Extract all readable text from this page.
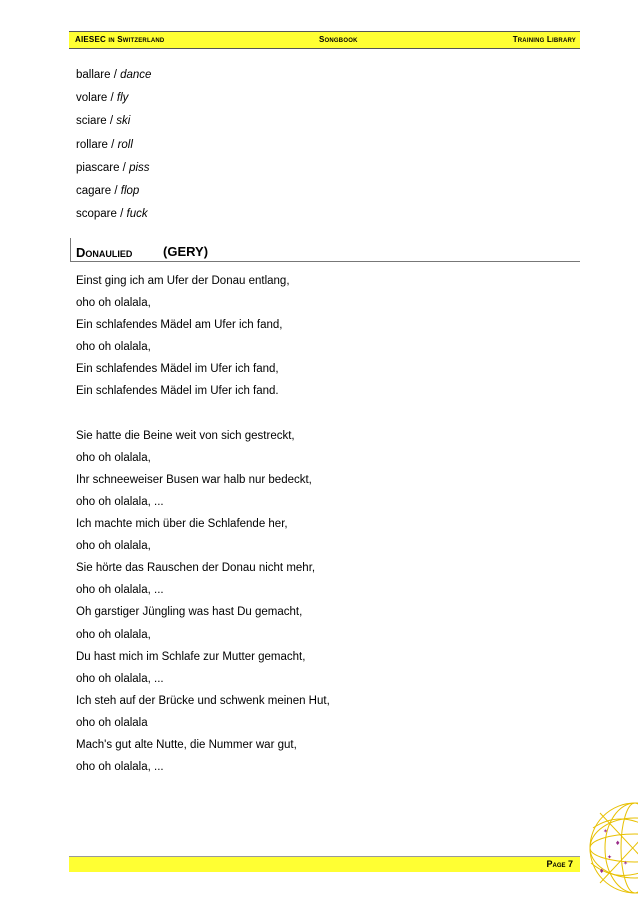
AIESEC in Switzerland	Songbook	Training Library
ballare / dance
volare / fly
sciare / ski
rollare / roll
piascare / piss
cagare / flop
scopare / fuck
Donaulied (GERY)
Einst ging ich am Ufer der Donau entlang,
oho oh olalala,
Ein schlafendes Mädel am Ufer ich fand,
oho oh olalala,
Ein schlafendes Mädel im Ufer ich fand,
Ein schlafendes Mädel im Ufer ich fand.
Sie hatte die Beine weit von sich gestreckt,
oho oh olalala,
Ihr schneeweiser Busen war halb nur bedeckt,
oho oh olalala, ...
Ich machte mich über die Schlafende her,
oho oh olalala,
Sie hörte das Rauschen der Donau nicht mehr,
oho oh olalala, ...
Oh garstiger Jüngling was hast Du gemacht,
oho oh olalala,
Du hast mich im Schlafe zur Mutter gemacht,
oho oh olalala, ...
Ich steh auf der Brücke und schwenk meinen Hut,
oho oh olalala
Mach's gut alte Nutte, die Nummer war gut,
oho oh olalala, ...
Page 7
✶
♦
✦
✶
♦
